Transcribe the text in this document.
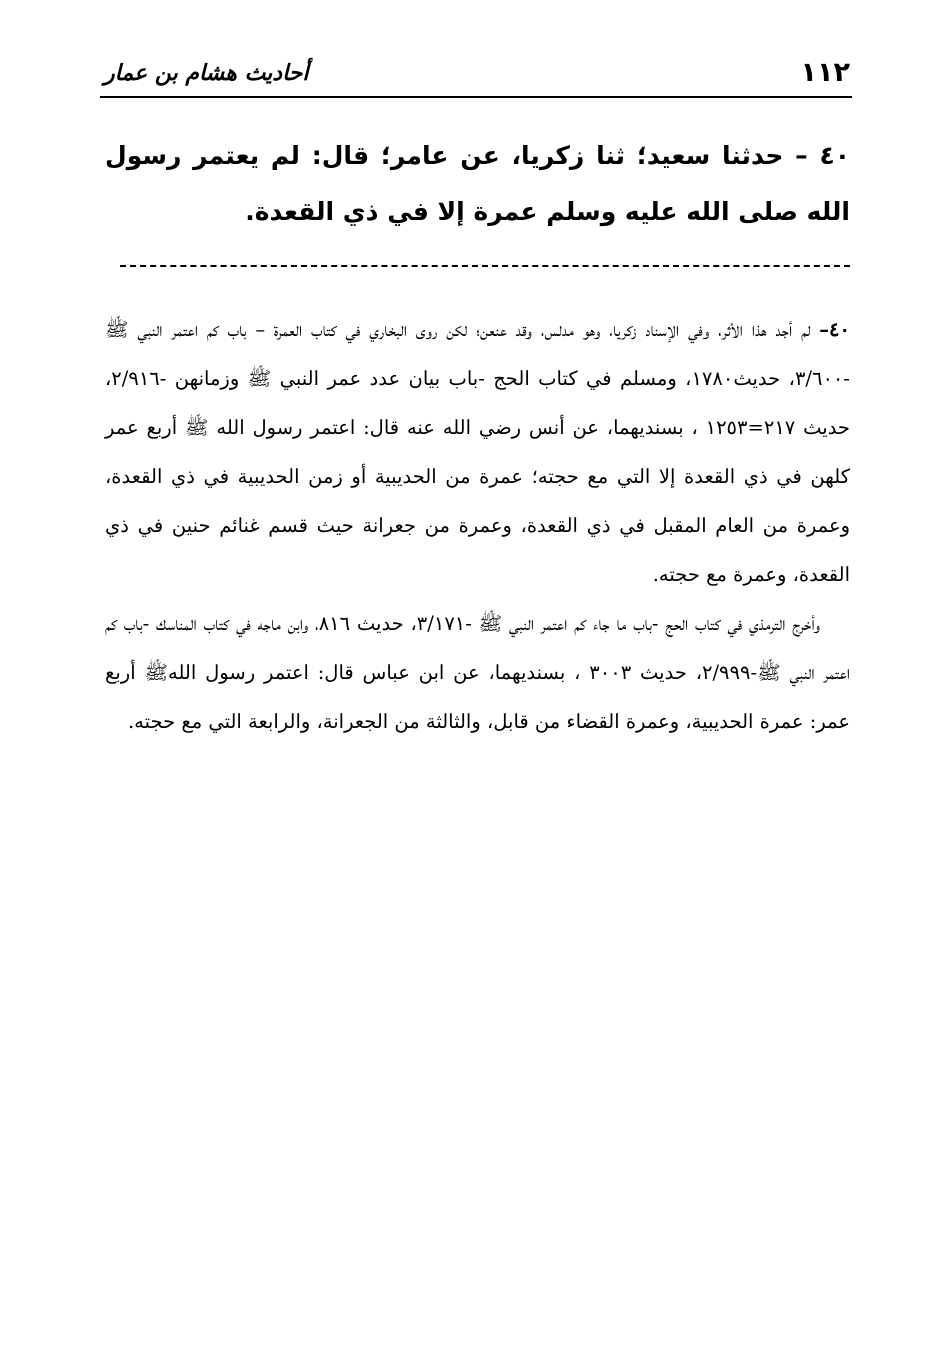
١١٢
أحاديث هشام بن عمار
٤٠ – حدثنا سعيد؛ ثنا زكريا، عن عامر؛ قال: لم يعتمر رسول الله صلى الله عليه وسلم عمرة إلا في ذي القعدة.

٤٠– لم أجد هذا الأثر، وفي الإسناد زكريا، وهو مدلس، وقد عنعن؛ لكن روى البخاري في كتاب العمرة – باب كم اعتمر النبي ﷺ -٣/٦٠٠، حديث١٧٨٠، ومسلم في كتاب الحج -باب بيان عدد عمر النبي ﷺ وزمانهن -٢/٩١٦، حديث ٢١٧=١٢٥٣ ، بسنديهما، عن أنس رضي الله عنه قال: اعتمر رسول الله ﷺ أربع عمر كلهن في ذي القعدة إلا التي مع حجته؛ عمرة من الحديبية أو زمن الحديبية في ذي القعدة، وعمرة من العام المقبل في ذي القعدة، وعمرة من جعرانة حيث قسم غنائم حنين في ذي القعدة، وعمرة مع حجته.

وأخرج الترمذي في كتاب الحج -باب ما جاء كم اعتمر النبي ﷺ -٣/١٧١، حديث ٨١٦، وابن ماجه في كتاب المناسك -باب كم اعتمر النبي ﷺ-٢/٩٩٩، حديث ٣٠٠٣ ، بسنديهما، عن ابن عباس قال: اعتمر رسول اللهﷺ أربع عمر: عمرة الحديبية، وعمرة القضاء من قابل، والثالثة من الجعرانة، والرابعة التي مع حجته.
